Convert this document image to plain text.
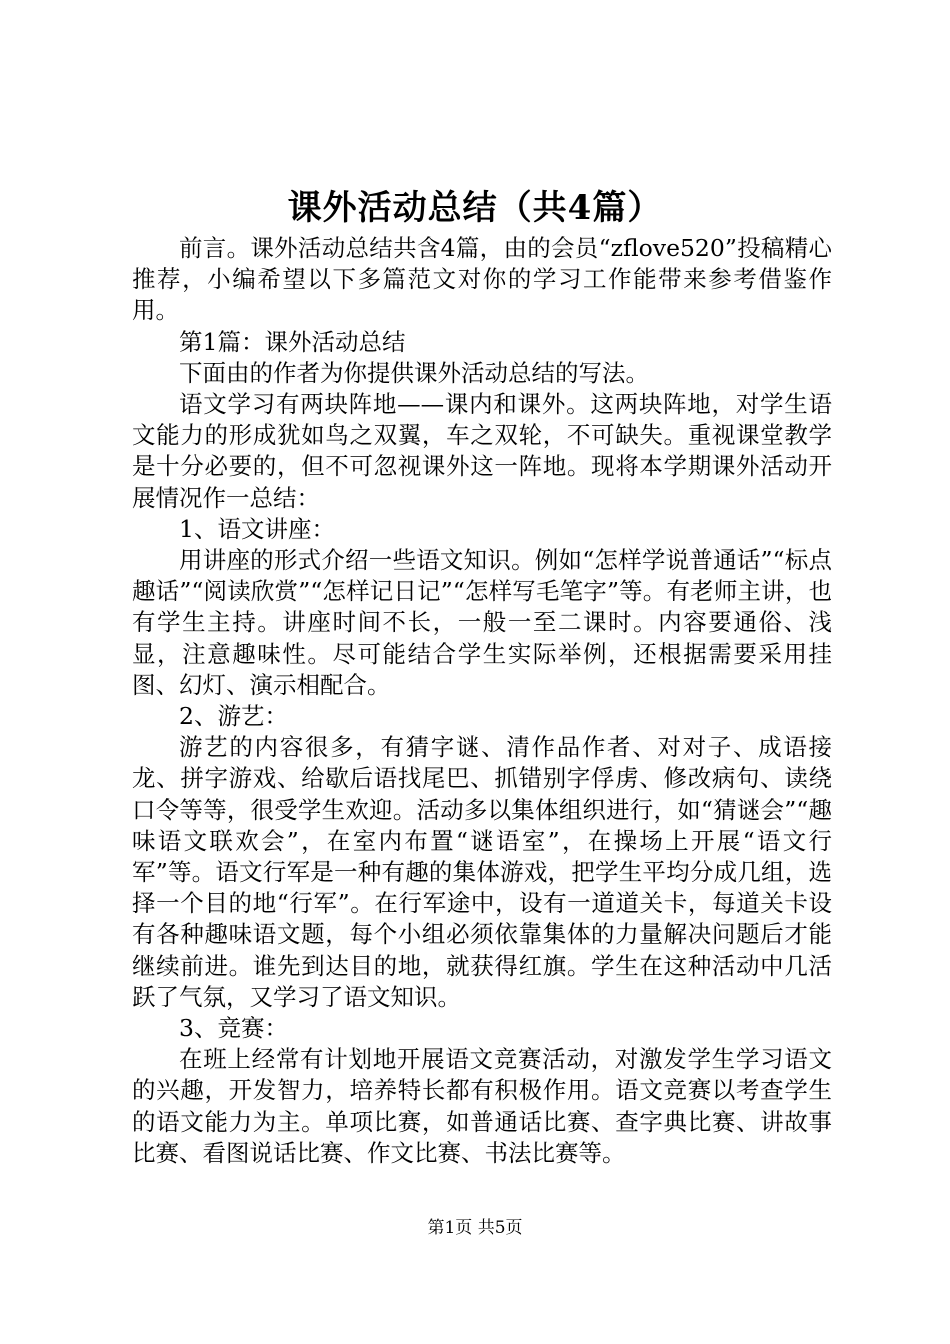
课外活动总结（共4篇）

前言。课外活动总结共含4篇，由的会员“zflove520”投稿精心推荐，小编希望以下多篇范文对你的学习工作能带来参考借鉴作用。

第1篇：课外活动总结

下面由的作者为你提供课外活动总结的写法。

语文学习有两块阵地——课内和课外。这两块阵地，对学生语文能力的形成犹如鸟之双翼，车之双轮，不可缺失。重视课堂教学是十分必要的，但不可忽视课外这一阵地。现将本学期课外活动开展情况作一总结：

1、语文讲座：

用讲座的形式介绍一些语文知识。例如“怎样学说普通话”“标点趣话”“阅读欣赏”“怎样记日记”“怎样写毛笔字”等。有老师主讲，也有学生主持。讲座时间不长，一般一至二课时。内容要通俗、浅显，注意趣味性。尽可能结合学生实际举例，还根据需要采用挂图、幻灯、演示相配合。

2、游艺：

游艺的内容很多，有猜字谜、清作品作者、对对子、成语接龙、拼字游戏、给歇后语找尾巴、抓错别字俘虏、修改病句、读绕口令等等，很受学生欢迎。活动多以集体组织进行，如“猜谜会”“趣味语文联欢会”，在室内布置“谜语室”，在操场上开展“语文行军”等。语文行军是一种有趣的集体游戏，把学生平均分成几组，选择一个目的地“行军”。在行军途中，设有一道道关卡，每道关卡设有各种趣味语文题，每个小组必须依靠集体的力量解决问题后才能继续前进。谁先到达目的地，就获得红旗。学生在这种活动中几活跃了气氛，又学习了语文知识。

3、竞赛：

在班上经常有计划地开展语文竞赛活动，对激发学生学习语文的兴趣，开发智力，培养特长都有积极作用。语文竞赛以考查学生的语文能力为主。单项比赛，如普通话比赛、查字典比赛、讲故事比赛、看图说话比赛、作文比赛、书法比赛等。

第1页 共5页
